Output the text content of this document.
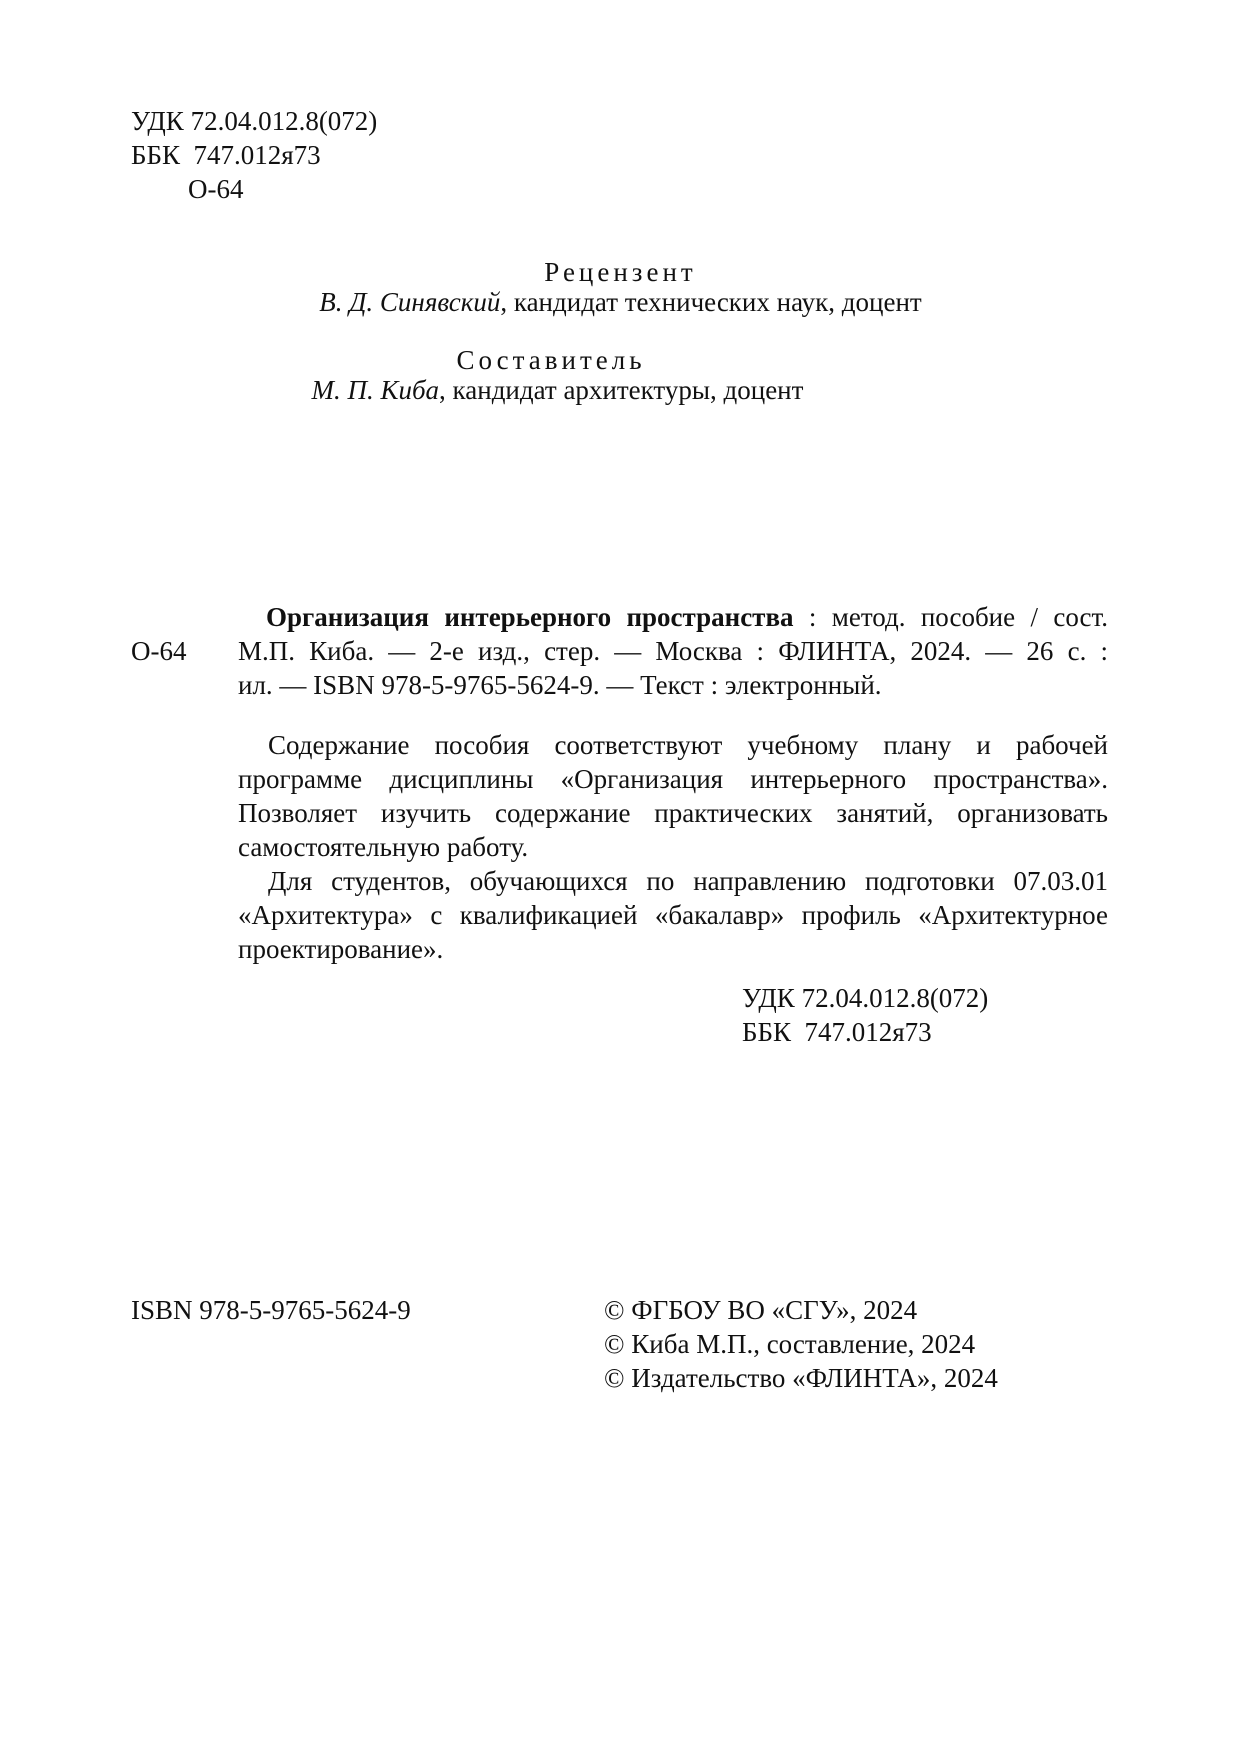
УДК 72.04.012.8(072)
ББК  747.012я73
О-64
Рецензент
В. Д. Синявский, кандидат технических наук, доцент
Составитель
М. П. Киба, кандидат архитектуры, доцент
О-64
Организация интерьерного пространства : метод. пособие / сост.
М.П. Киба. — 2-е изд., стер. — Москва : ФЛИНТА, 2024. — 26 с. :
ил. — ISBN 978-5-9765-5624-9. — Текст : электронный.

Содержание пособия соответствуют учебному плану и рабочей программе дисциплины «Организация интерьерного пространства». Позволяет изучить содержание практических занятий, организовать самостоятельную работу.

Для студентов, обучающихся по направлению подготовки 07.03.01 «Архитектура» с квалификацией «бакалавр» профиль «Архитектурное проектирование».

УДК 72.04.012.8(072)
ББК  747.012я73
ISBN 978-5-9765-5624-9	© ФГБОУ ВО «СГУ», 2024
© Киба М.П., составление, 2024
© Издательство «ФЛИНТА», 2024
